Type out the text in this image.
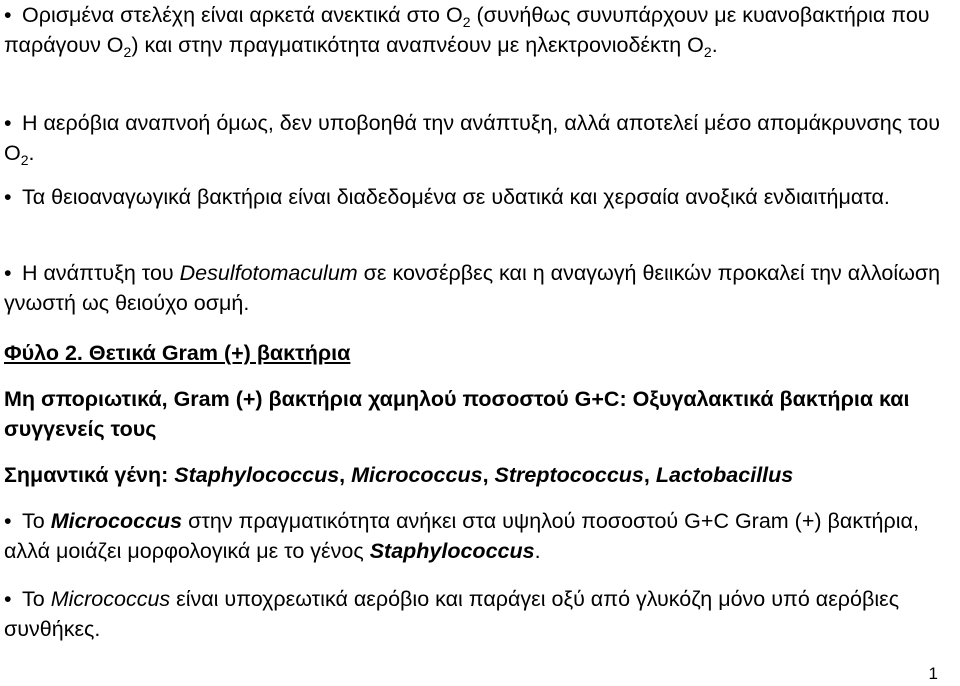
• Ορισμένα στελέχη είναι αρκετά ανεκτικά στο $O_2$ (συνήθως συνυπάρχουν με κυανοβακτήρια που παράγουν $O_2$) και στην πραγματικότητα αναπνέουν με ηλεκτρονιοδέκτη $O_2$.

• Η αερόβια αναπνοή όμως, δεν υποβοηθά την ανάπτυξη, αλλά αποτελεί μέσο απομάκρυνσης του $O_2$.

• Τα θειοαναγωγικά βακτήρια είναι διαδεδομένα σε υδατικά και χερσαία ανοξικά ενδιαιτήματα.

• Η ανάπτυξη του Desulfotomaculum σε κονσέρβες και η αναγωγή θειικών προκαλεί την αλλοίωση γνωστή ως θειούχο οσμή.

Φύλο 2. Θετικά Gram (+) βακτήρια

Μη σποριωτικά, Gram (+) βακτήρια χαμηλού ποσοστού G+C: Οξυγαλακτικά βακτήρια και συγγενείς τους

Σημαντικά γένη: Staphylococcus, Micrococcus, Streptococcus, Lactobacillus

• Το Micrococcus στην πραγματικότητα ανήκει στα υψηλού ποσοστού G+C Gram (+) βακτήρια, αλλά μοιάζει μορφολογικά με το γένος Staphylococcus.

• Το Micrococcus είναι υποχρεωτικά αερόβιο και παράγει οξύ από γλυκόζη μόνο υπό αερόβιες συνθήκες.

1
